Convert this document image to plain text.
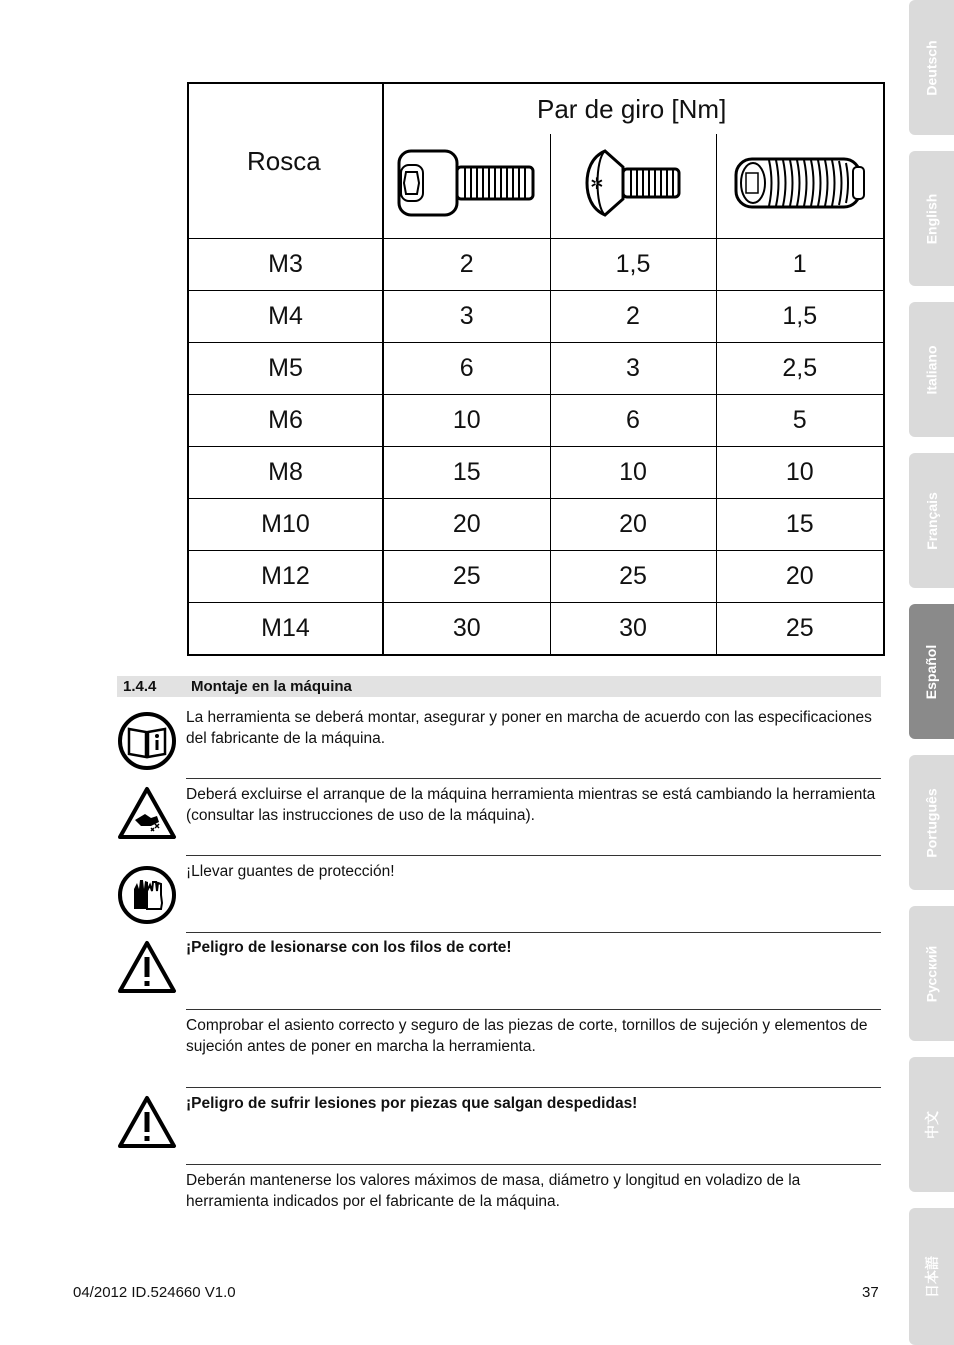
Deutsch
English
Italiano
Français
Español
Português
Русский
中文
日本語
Rosca	Par de giro [Nm]		

✲

M3	2	1,5	1
M4	3	2	1,5
M5	6	3	2,5
M6	10	6	5
M8	15	10	10
M10	20	20	15
M12	25	25	20
M14	30	30	25
1.4.4 Montaje en la máquina
La herramienta se deberá montar, asegurar y poner en marcha de acuerdo con las especificaciones del fabricante de la máquina.
Deberá excluirse el arranque de la máquina herramienta mientras se está cambiando la herramienta (consultar las instrucciones de uso de la máquina).
¡Llevar guantes de protección!
¡Peligro de lesionarse con los filos de corte!
Comprobar el asiento correcto y seguro de las piezas de corte, tornillos de sujeción y elementos de sujeción antes de poner en marcha la herramienta.
¡Peligro de sufrir lesiones por piezas que salgan despedidas!
Deberán mantenerse los valores máximos de masa, diámetro y longitud en voladizo de la herramienta indicados por el fabricante de la máquina.
04/2012 ID.524660 V1.0	37
